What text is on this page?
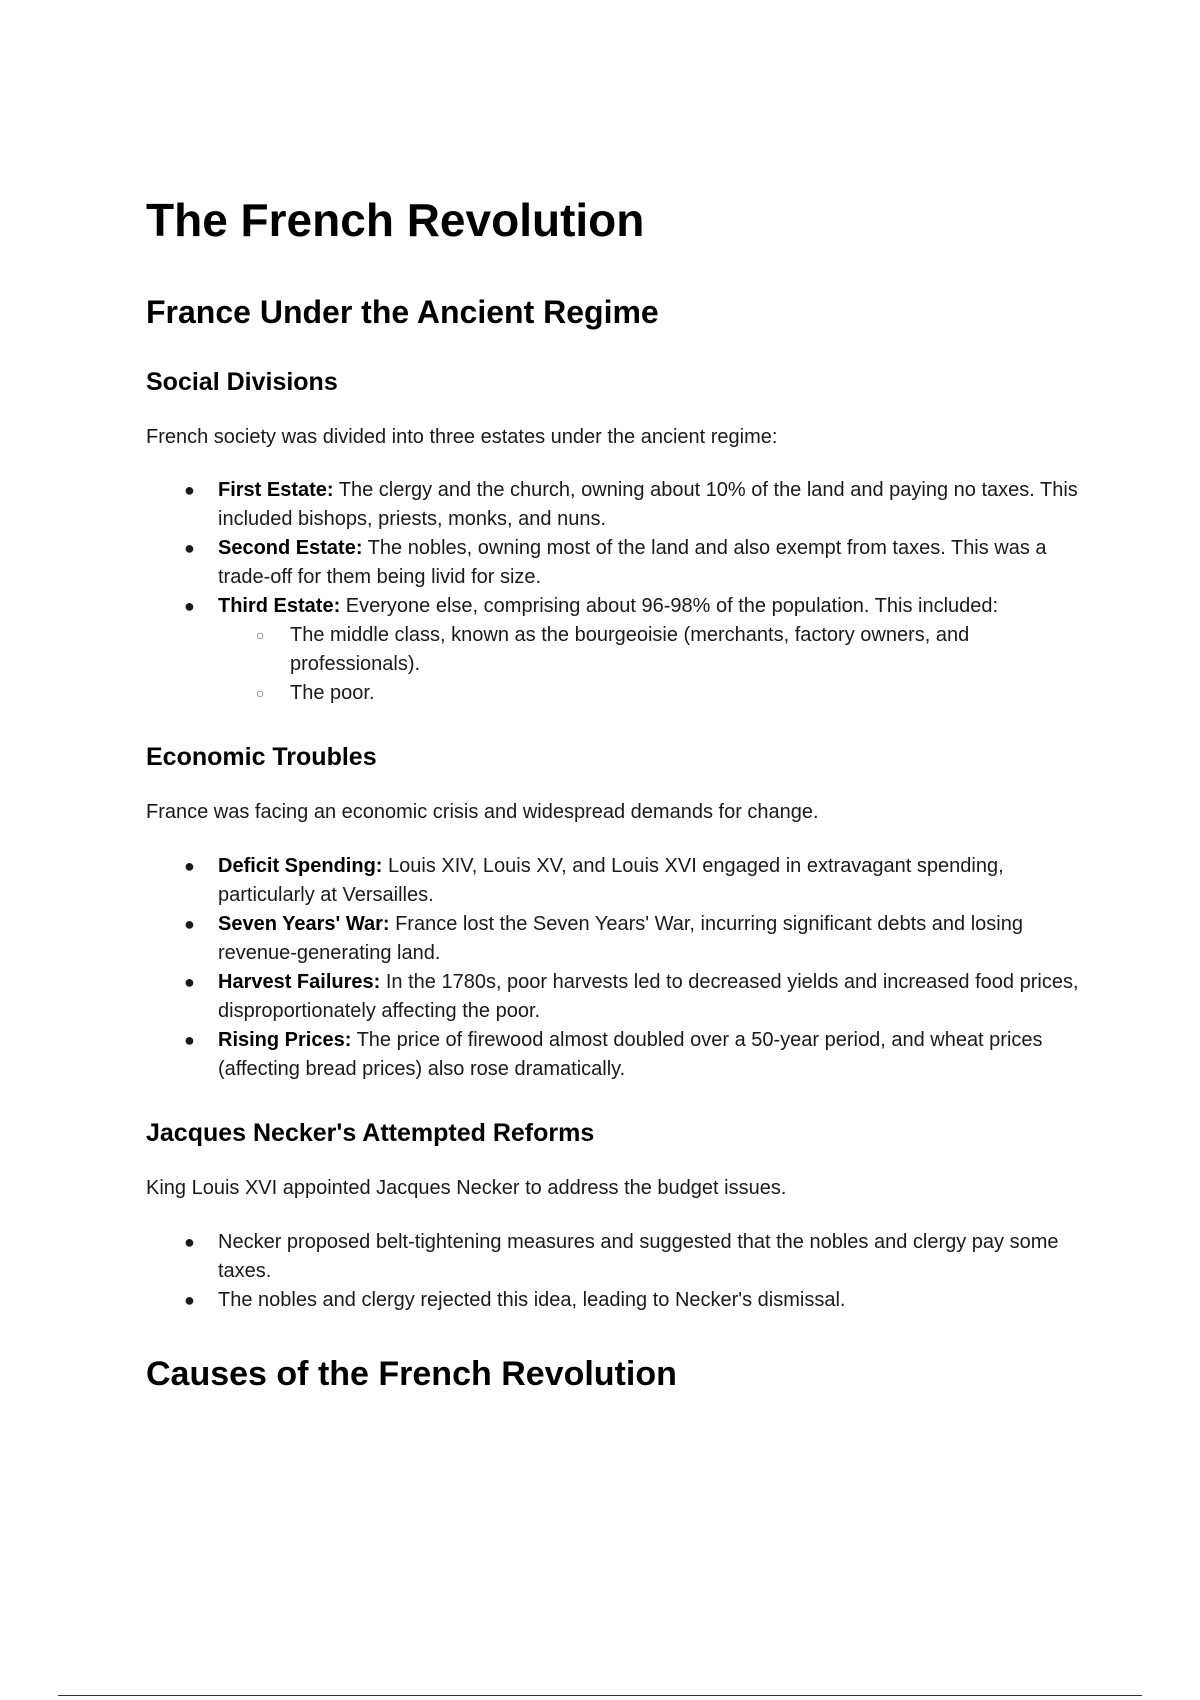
The French Revolution
France Under the Ancient Regime
Social Divisions

French society was divided into three estates under the ancient regime:

● First Estate: The clergy and the church, owning about 10% of the land and paying no taxes. This included bishops, priests, monks, and nuns.
● Second Estate: The nobles, owning most of the land and also exempt from taxes. This was a trade-off for them being livid for size.
● Third Estate: Everyone else, comprising about 96-98% of the population. This included:
○ The middle class, known as the bourgeoisie (merchants, factory owners, and professionals).
○ The poor.
Economic Troubles

France was facing an economic crisis and widespread demands for change.

● Deficit Spending: Louis XIV, Louis XV, and Louis XVI engaged in extravagant spending, particularly at Versailles.
● Seven Years' War: France lost the Seven Years' War, incurring significant debts and losing revenue-generating land.
● Harvest Failures: In the 1780s, poor harvests led to decreased yields and increased food prices, disproportionately affecting the poor.
● Rising Prices: The price of firewood almost doubled over a 50-year period, and wheat prices (affecting bread prices) also rose dramatically.
Jacques Necker's Attempted Reforms

King Louis XVI appointed Jacques Necker to address the budget issues.

● Necker proposed belt-tightening measures and suggested that the nobles and clergy pay some taxes.
● The nobles and clergy rejected this idea, leading to Necker's dismissal.
Causes of the French Revolution
